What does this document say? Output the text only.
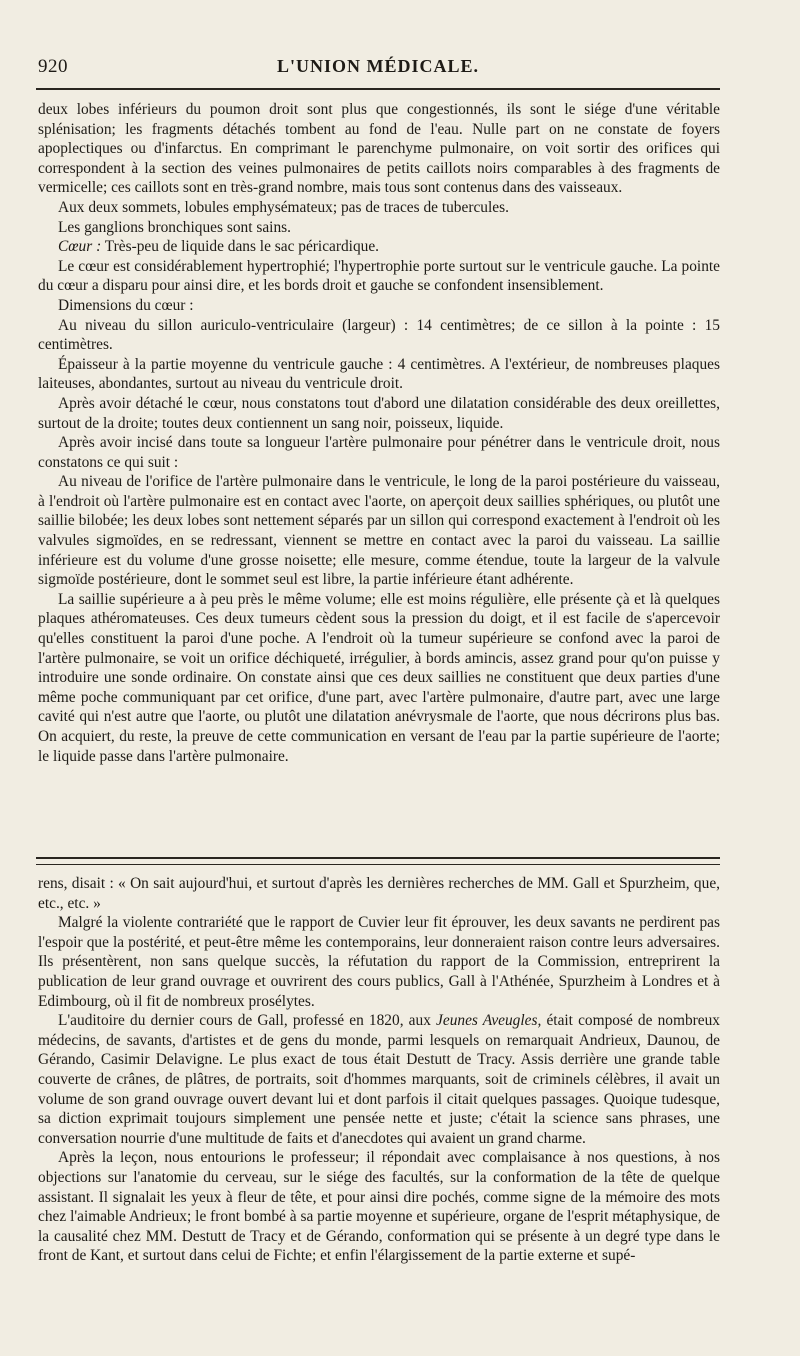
920	L'UNION MÉDICALE.

deux lobes inférieurs du poumon droit sont plus que congestionnés, ils sont le siége d'une véritable splénisation; les fragments détachés tombent au fond de l'eau. Nulle part on ne constate de foyers apoplectiques ou d'infarctus. En comprimant le parenchyme pulmonaire, on voit sortir des orifices qui correspondent à la section des veines pulmonaires de petits caillots noirs comparables à des fragments de vermicelle; ces caillots sont en très-grand nombre, mais tous sont contenus dans des vaisseaux.

Aux deux sommets, lobules emphysémateux; pas de traces de tubercules.

Les ganglions bronchiques sont sains.

Cœur : Très-peu de liquide dans le sac péricardique.

Le cœur est considérablement hypertrophié; l'hypertrophie porte surtout sur le ventricule gauche. La pointe du cœur a disparu pour ainsi dire, et les bords droit et gauche se confondent insensiblement.

Dimensions du cœur :

Au niveau du sillon auriculo-ventriculaire (largeur) : 14 centimètres; de ce sillon à la pointe : 15 centimètres.

Épaisseur à la partie moyenne du ventricule gauche : 4 centimètres. A l'extérieur, de nombreuses plaques laiteuses, abondantes, surtout au niveau du ventricule droit.

Après avoir détaché le cœur, nous constatons tout d'abord une dilatation considérable des deux oreillettes, surtout de la droite; toutes deux contiennent un sang noir, poisseux, liquide.

Après avoir incisé dans toute sa longueur l'artère pulmonaire pour pénétrer dans le ventricule droit, nous constatons ce qui suit :

Au niveau de l'orifice de l'artère pulmonaire dans le ventricule, le long de la paroi postérieure du vaisseau, à l'endroit où l'artère pulmonaire est en contact avec l'aorte, on aperçoit deux saillies sphériques, ou plutôt une saillie bilobée; les deux lobes sont nettement séparés par un sillon qui correspond exactement à l'endroit où les valvules sigmoïdes, en se redressant, viennent se mettre en contact avec la paroi du vaisseau. La saillie inférieure est du volume d'une grosse noisette; elle mesure, comme étendue, toute la largeur de la valvule sigmoïde postérieure, dont le sommet seul est libre, la partie inférieure étant adhérente.

La saillie supérieure a à peu près le même volume; elle est moins régulière, elle présente çà et là quelques plaques athéromateuses. Ces deux tumeurs cèdent sous la pression du doigt, et il est facile de s'apercevoir qu'elles constituent la paroi d'une poche. A l'endroit où la tumeur supérieure se confond avec la paroi de l'artère pulmonaire, se voit un orifice déchiqueté, irrégulier, à bords amincis, assez grand pour qu'on puisse y introduire une sonde ordinaire. On constate ainsi que ces deux saillies ne constituent que deux parties d'une même poche communiquant par cet orifice, d'une part, avec l'artère pulmonaire, d'autre part, avec une large cavité qui n'est autre que l'aorte, ou plutôt une dilatation anévrysmale de l'aorte, que nous décrirons plus bas. On acquiert, du reste, la preuve de cette communication en versant de l'eau par la partie supérieure de l'aorte; le liquide passe dans l'artère pulmonaire.

rens, disait : « On sait aujourd'hui, et surtout d'après les dernières recherches de MM. Gall et Spurzheim, que, etc., etc. »

Malgré la violente contrariété que le rapport de Cuvier leur fit éprouver, les deux savants ne perdirent pas l'espoir que la postérité, et peut-être même les contemporains, leur donneraient raison contre leurs adversaires. Ils présentèrent, non sans quelque succès, la réfutation du rapport de la Commission, entreprirent la publication de leur grand ouvrage et ouvrirent des cours publics, Gall à l'Athénée, Spurzheim à Londres et à Edimbourg, où il fit de nombreux prosélytes.

L'auditoire du dernier cours de Gall, professé en 1820, aux Jeunes Aveugles, était composé de nombreux médecins, de savants, d'artistes et de gens du monde, parmi lesquels on remarquait Andrieux, Daunou, de Gérando, Casimir Delavigne. Le plus exact de tous était Destutt de Tracy. Assis derrière une grande table couverte de crânes, de plâtres, de portraits, soit d'hommes marquants, soit de criminels célèbres, il avait un volume de son grand ouvrage ouvert devant lui et dont parfois il citait quelques passages. Quoique tudesque, sa diction exprimait toujours simplement une pensée nette et juste; c'était la science sans phrases, une conversation nourrie d'une multitude de faits et d'anecdotes qui avaient un grand charme.

Après la leçon, nous entourions le professeur; il répondait avec complaisance à nos questions, à nos objections sur l'anatomie du cerveau, sur le siége des facultés, sur la conformation de la tête de quelque assistant. Il signalait les yeux à fleur de tête, et pour ainsi dire pochés, comme signe de la mémoire des mots chez l'aimable Andrieux; le front bombé à sa partie moyenne et supérieure, organe de l'esprit métaphysique, de la causalité chez MM. Destutt de Tracy et de Gérando, conformation qui se présente à un degré type dans le front de Kant, et surtout dans celui de Fichte; et enfin l'élargissement de la partie externe et supé-
